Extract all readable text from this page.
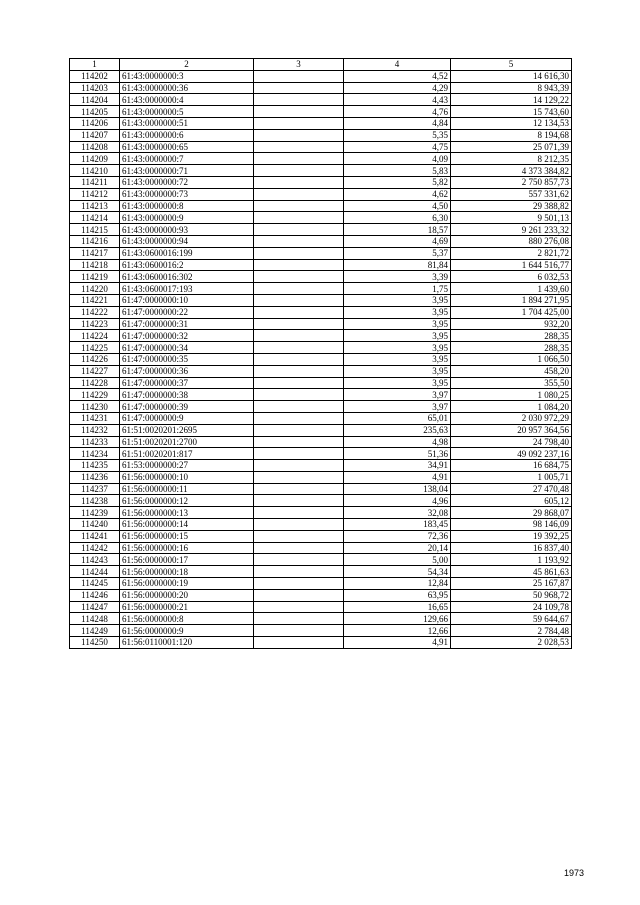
1	2	3	4	5
114202	61:43:0000000:3		4,52	14 616,30
114203	61:43:0000000:36		4,29	8 943,39
114204	61:43:0000000:4		4,43	14 129,22
114205	61:43:0000000:5		4,76	15 743,60
114206	61:43:0000000:51		4,84	12 134,53
114207	61:43:0000000:6		5,35	8 194,68
114208	61:43:0000000:65		4,75	25 071,39
114209	61:43:0000000:7		4,09	8 212,35
114210	61:43:0000000:71		5,83	4 373 384,82
114211	61:43:0000000:72		5,82	2 750 857,73
114212	61:43:0000000:73		4,62	557 331,62
114213	61:43:0000000:8		4,50	29 388,82
114214	61:43:0000000:9		6,30	9 501,13
114215	61:43:0000000:93		18,57	9 261 233,32
114216	61:43:0000000:94		4,69	880 276,08
114217	61:43:0600016:199		5,37	2 821,72
114218	61:43:0600016:2		81,84	1 644 516,77
114219	61:43:0600016:302		3,39	6 032,53
114220	61:43:0600017:193		1,75	1 439,60
114221	61:47:0000000:10		3,95	1 894 271,95
114222	61:47:0000000:22		3,95	1 704 425,00
114223	61:47:0000000:31		3,95	932,20
114224	61:47:0000000:32		3,95	288,35
114225	61:47:0000000:34		3,95	288,35
114226	61:47:0000000:35		3,95	1 066,50
114227	61:47:0000000:36		3,95	458,20
114228	61:47:0000000:37		3,95	355,50
114229	61:47:0000000:38		3,97	1 080,25
114230	61:47:0000000:39		3,97	1 084,20
114231	61:47:0000000:9		65,01	2 030 972,29
114232	61:51:0020201:2695		235,63	20 957 364,56
114233	61:51:0020201:2700		4,98	24 798,40
114234	61:51:0020201:817		51,36	49 092 237,16
114235	61:53:0000000:27		34,91	16 684,75
114236	61:56:0000000:10		4,91	1 005,71
114237	61:56:0000000:11		138,04	27 470,48
114238	61:56:0000000:12		4,96	605,12
114239	61:56:0000000:13		32,08	29 868,07
114240	61:56:0000000:14		183,45	98 146,09
114241	61:56:0000000:15		72,36	19 392,25
114242	61:56:0000000:16		20,14	16 837,40
114243	61:56:0000000:17		5,00	1 193,92
114244	61:56:0000000:18		54,34	45 861,63
114245	61:56:0000000:19		12,84	25 167,87
114246	61:56:0000000:20		63,95	50 968,72
114247	61:56:0000000:21		16,65	24 109,78
114248	61:56:0000000:8		129,66	59 644,67
114249	61:56:0000000:9		12,66	2 784,48
114250	61:56:0110001:120		4,91	2 028,53
1973
